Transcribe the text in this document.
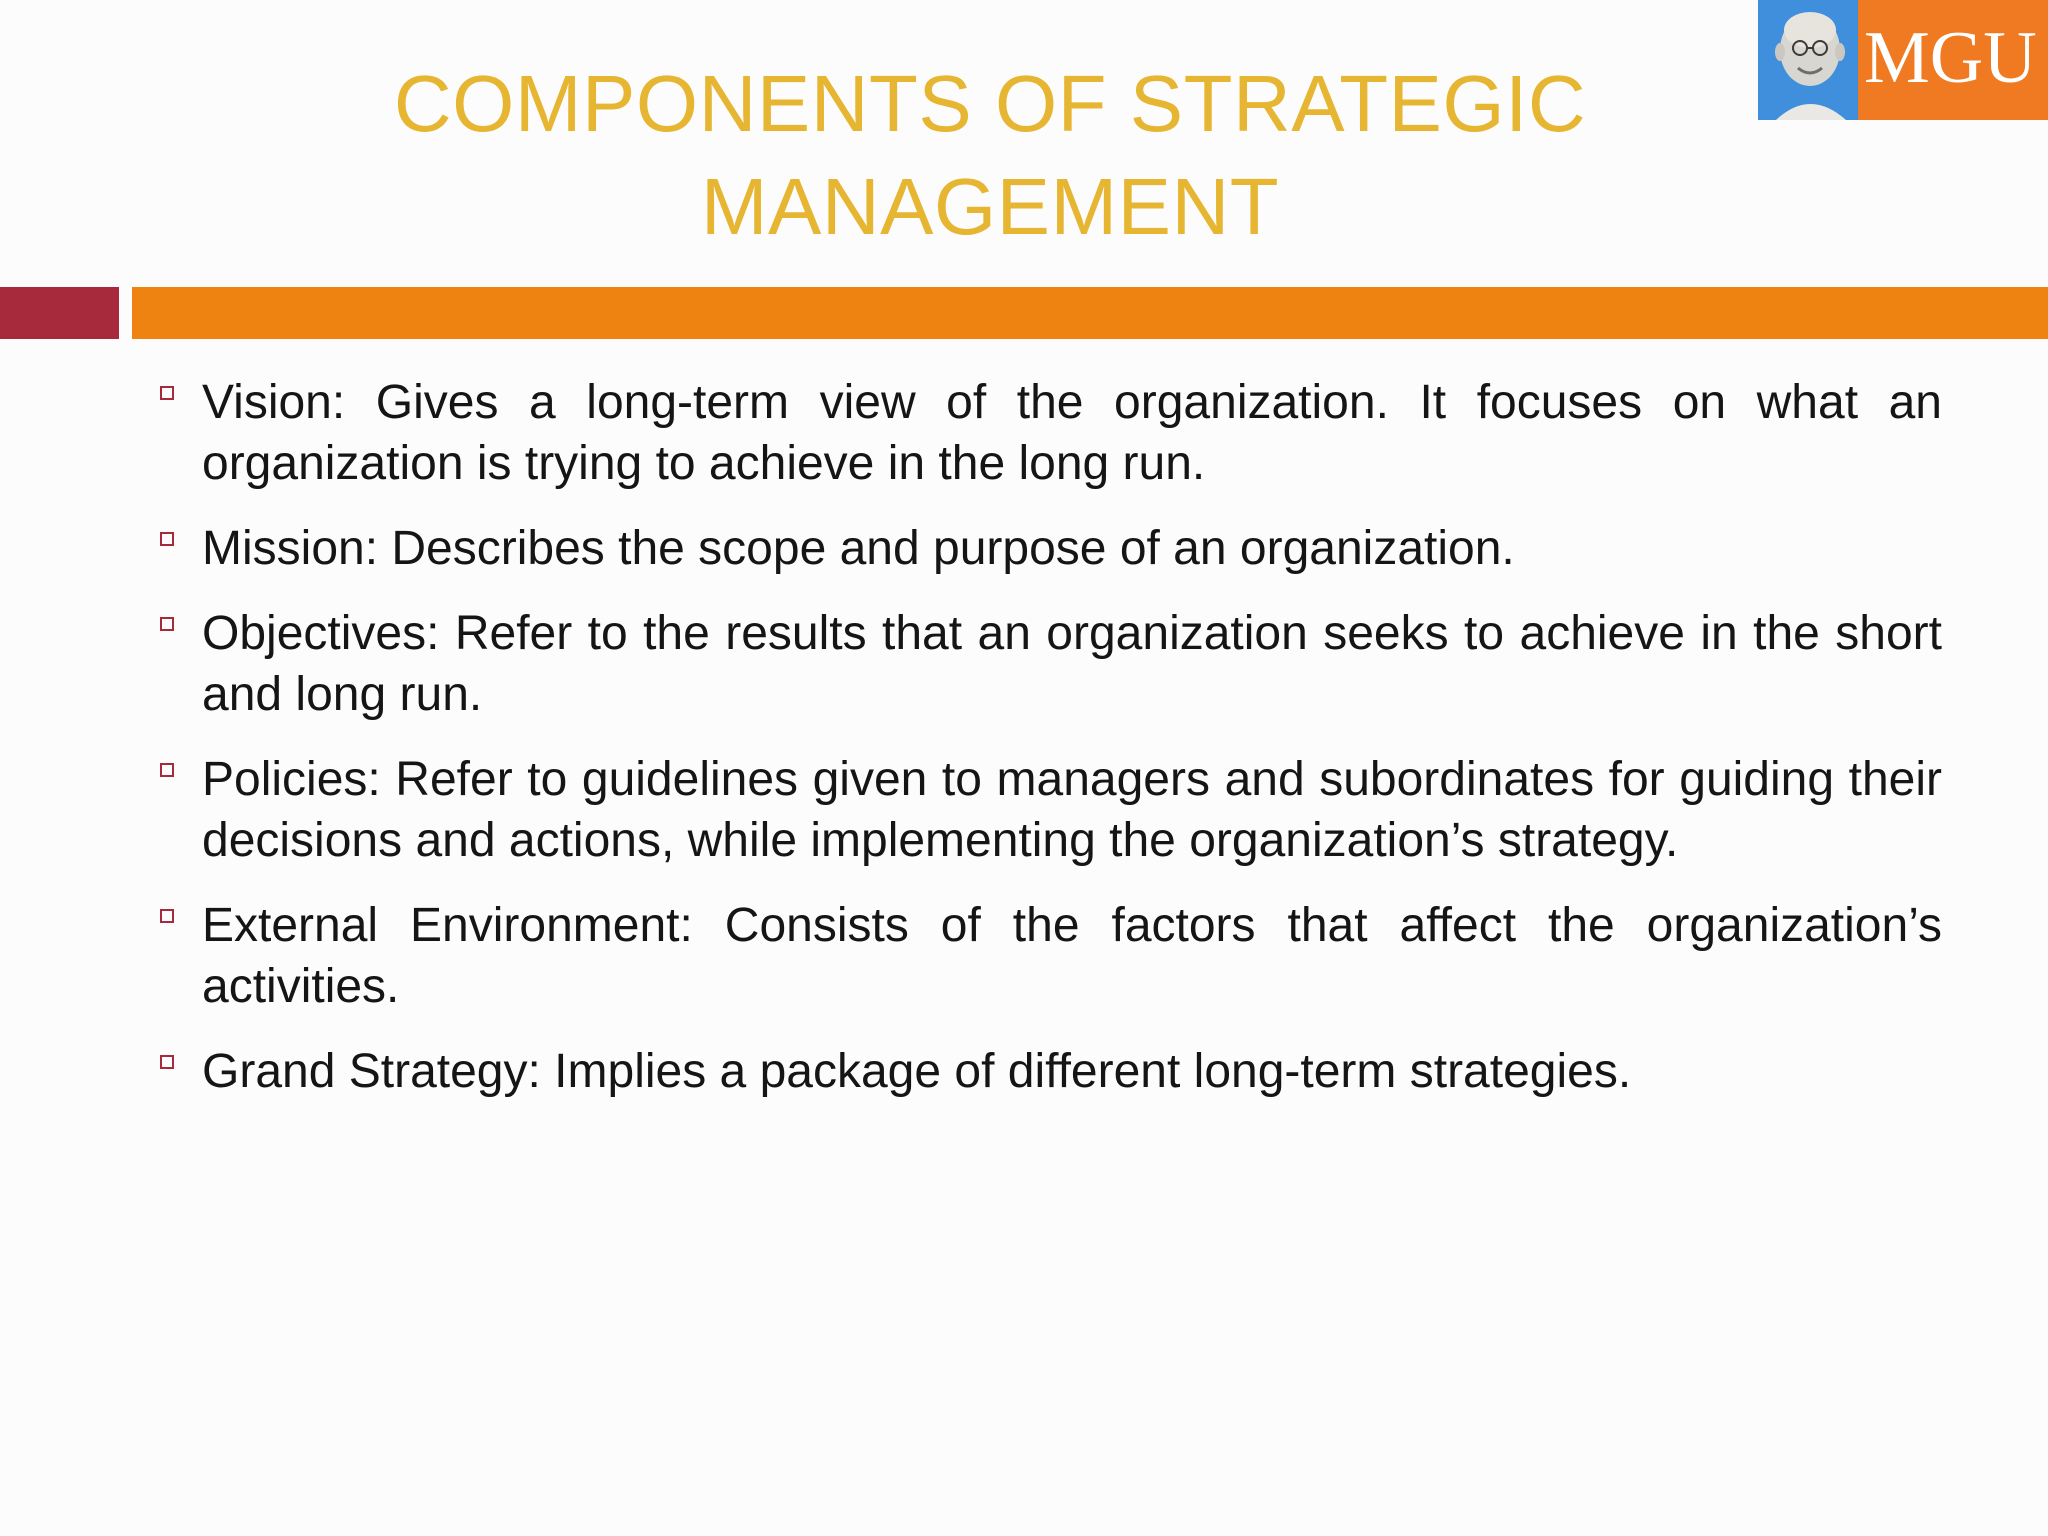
COMPONENTS OF STRATEGIC
MANAGEMENT
MGU
Vision: Gives a long-term view of the organization. It focuses on what an organization is trying to achieve in the long run.
Mission: Describes the scope and purpose of an organization.
Objectives: Refer to the results that an organization seeks to achieve in the short and long run.
Policies: Refer to guidelines given to managers and subordinates for guiding their decisions and actions, while implementing the organization’s strategy.
External Environment: Consists of the factors that affect the organization’s activities.
Grand Strategy: Implies a package of different long-term strategies.
